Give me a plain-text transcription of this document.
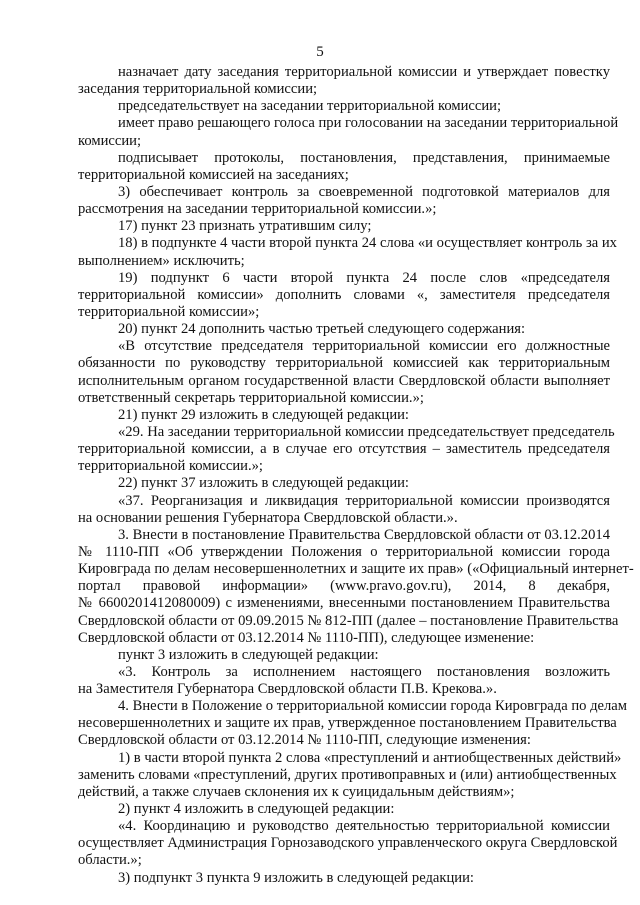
5
назначает дату заседания территориальной комиссии и утверждает повестку
заседания территориальной комиссии;
председательствует на заседании территориальной комиссии;
имеет право решающего голоса при голосовании на заседании территориальной
комиссии;
подписывает протоколы, постановления, представления, принимаемые
территориальной комиссией на заседаниях;
3) обеспечивает контроль за своевременной подготовкой материалов для
рассмотрения на заседании территориальной комиссии.»;
17) пункт 23 признать утратившим силу;
18) в подпункте 4 части второй пункта 24 слова «и осуществляет контроль за их
выполнением» исключить;
19) подпункт 6 части второй пункта 24 после слов «председателя
территориальной комиссии» дополнить словами «, заместителя председателя
территориальной комиссии»;
20) пункт 24 дополнить частью третьей следующего содержания:
«В отсутствие председателя территориальной комиссии его должностные
обязанности по руководству территориальной комиссией как территориальным
исполнительным органом государственной власти Свердловской области выполняет
ответственный секретарь территориальной комиссии.»;
21) пункт 29 изложить в следующей редакции:
«29. На заседании территориальной комиссии председательствует председатель
территориальной комиссии, а в случае его отсутствия – заместитель председателя
территориальной комиссии.»;
22) пункт 37 изложить в следующей редакции:
«37. Реорганизация и ликвидация территориальной комиссии производятся
на основании решения Губернатора Свердловской области.».
3. Внести в постановление Правительства Свердловской области от 03.12.2014
№ 1110-ПП «Об утверждении Положения о территориальной комиссии города
Кировграда по делам несовершеннолетних и защите их прав» («Официальный интернет-
портал правовой информации» (www.pravo.gov.ru), 2014, 8 декабря,
№ 6600201412080009) с изменениями, внесенными постановлением Правительства
Свердловской области от 09.09.2015 № 812-ПП (далее – постановление Правительства
Свердловской области от 03.12.2014 № 1110-ПП), следующее изменение:
пункт 3 изложить в следующей редакции:
«3. Контроль за исполнением настоящего постановления возложить
на Заместителя Губернатора Свердловской области П.В. Крекова.».
4. Внести в Положение о территориальной комиссии города Кировграда по делам
несовершеннолетних и защите их прав, утвержденное постановлением Правительства
Свердловской области от 03.12.2014 № 1110-ПП, следующие изменения:
1) в части второй пункта 2 слова «преступлений и антиобщественных действий»
заменить словами «преступлений, других противоправных и (или) антиобщественных
действий, а также случаев склонения их к суицидальным действиям»;
2) пункт 4 изложить в следующей редакции:
«4. Координацию и руководство деятельностью территориальной комиссии
осуществляет Администрация Горнозаводского управленческого округа Свердловской
области.»;
3) подпункт 3 пункта 9 изложить в следующей редакции:
